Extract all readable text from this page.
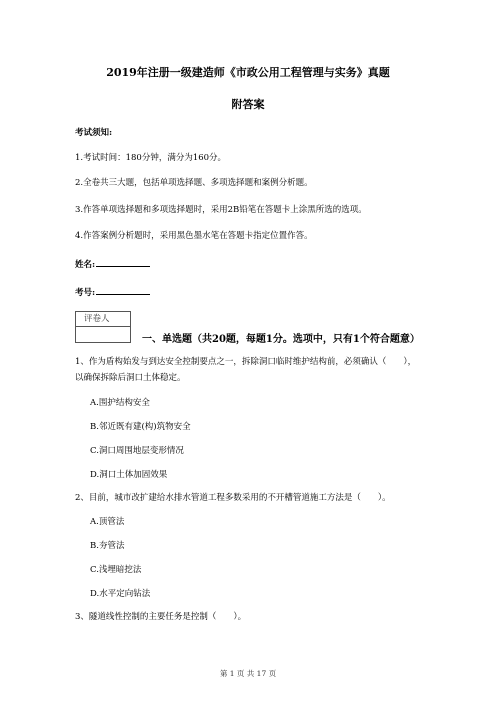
2019年注册一级建造师《市政公用工程管理与实务》真题
附答案
考试须知:
1.考试时间：180分钟，满分为160分。
2.全卷共三大题，包括单项选择题、多项选择题和案例分析题。
3.作答单项选择题和多项选择题时，采用2B铅笔在答题卡上涂黑所选的选项。
4.作答案例分析题时，采用黑色墨水笔在答题卡指定位置作答。
姓名:
考号:
评卷人
一、单选题（共20题，每题1分。选项中，只有1个符合题意）
1、作为盾构始发与到达安全控制要点之一，拆除洞口临时维护结构前，必须确认（　　），
以确保拆除后洞口土体稳定。
A.围护结构安全
B.邻近既有建(构)筑物安全
C.洞口周围地层变形情况
D.洞口土体加固效果
2、目前，城市改扩建给水排水管道工程多数采用的不开槽管道施工方法是（　　）。
A.顶管法
B.夯管法
C.浅埋暗挖法
D.水平定向钻法
3、隧道线性控制的主要任务是控制（　　）。
第 1 页 共 17 页
